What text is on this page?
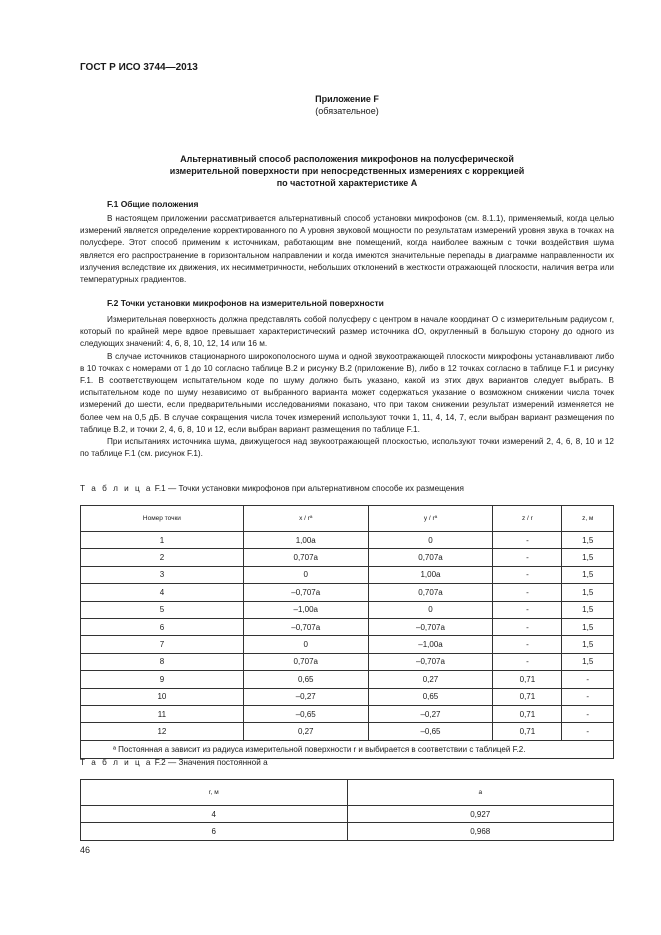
ГОСТ Р ИСО 3744—2013
Приложение F
(обязательное)
Альтернативный способ расположения микрофонов на полусферической
измерительной поверхности при непосредственных измерениях с коррекцией
по частотной характеристике A
F.1 Общие положения

В настоящем приложении рассматривается альтернативный способ установки микрофонов (см. 8.1.1), применяемый, когда целью измерений является определение корректированного по A уровня звуковой мощности по результатам измерений уровня звука в точках на полусфере. Этот способ применим к источникам, работающим вне помещений, когда наиболее важным с точки воздействия шума является его распространение в горизонтальном направлении и когда имеются значительные перепады в диаграмме направленности их излучения вследствие их движения, их несимметричности, небольших отклонений в жесткости отражающей плоскости, наличия ветра или температурных градиентов.

F.2 Точки установки микрофонов на измерительной поверхности

Измерительная поверхность должна представлять собой полусферу с центром в начале координат O с измерительным радиусом r, который по крайней мере вдвое превышает характеристический размер источника dO, округленный в большую сторону до одного из следующих значений: 4, 6, 8, 10, 12, 14 или 16 м.

В случае источников стационарного широкополосного шума и одной звукоотражающей плоскости микрофоны устанавливают либо в 10 точках с номерами от 1 до 10 согласно таблице B.2 и рисунку B.2 (приложение B), либо в 12 точках согласно в таблице F.1 и рисунку F.1. В соответствующем испытательном коде по шуму должно быть указано, какой из этих двух вариантов следует выбрать. В испытательном коде по шуму независимо от выбранного варианта может содержаться указание о возможном снижении числа точек измерений до шести, если предварительными исследованиями показано, что при таком снижении результат измерений изменяется не более чем на 0,5 дБ. В случае сокращения числа точек измерений используют точки 1, 11, 4, 14, 7, если выбран вариант размещения по таблице B.2, и точки 2, 4, 6, 8, 10 и 12, если выбран вариант размещения по таблице F.1.

При испытаниях источника шума, движущегося над звукоотражающей плоскостью, используют точки измерений 2, 4, 6, 8, 10 и 12 по таблице F.1 (см. рисунок F.1).

Т а б л и ц а F.1 — Точки установки микрофонов при альтернативном способе их размещения
Номер точки	x / rª	y / rª	z / r	z, м
1	1,00a	0	-	1,5
2	0,707a	0,707a	-	1,5
3	0	1,00a	-	1,5
4	–0,707a	0,707a	-	1,5
5	–1,00a	0	-	1,5
6	–0,707a	–0,707a	-	1,5
7	0	–1,00a	-	1,5
8	0,707a	–0,707a	-	1,5
9	0,65	0,27	0,71	-
10	–0,27	0,65	0,71	-
11	–0,65	–0,27	0,71	-
12	0,27	–0,65	0,71	-
ª Постоянная a зависит из радиуса измерительной поверхности r и выбирается в соответствии с таблицей F.2.				
Т а б л и ц а F.2 — Значения постоянной a
r, м	a
4	0,927
6	0,968
46
